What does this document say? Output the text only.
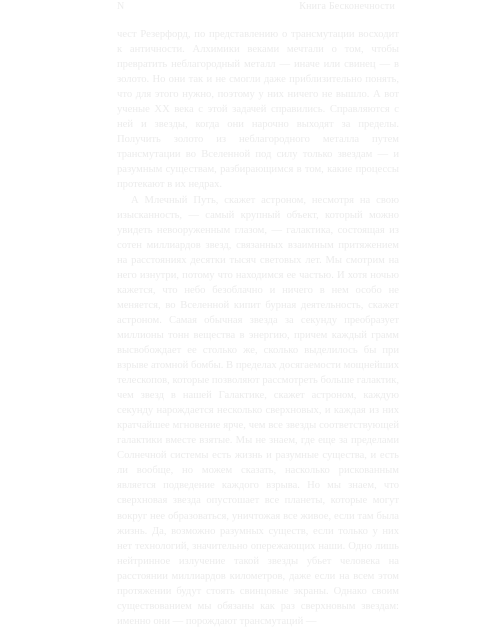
N	Книга Бесконечности

чест Резерфорд, по представлению о трансмутации восходит к античности. Алхимики веками мечтали о том, чтобы превратить неблагородный металл — иначе или свинец — в золото. Но они так и не смогли даже приблизительно понять, что для этого нужно, поэтому у них ничего не вышло. А вот ученые XX века с этой задачей справились. Справляются с ней и звезды, когда они нарочно выходят за пределы. Получить золото из неблагородного металла путем трансмутации во Вселенной под силу только звездам — и разумным существам, разбирающимся в том, какие процессы протекают в их недрах.

А Млечный Путь, скажет астроном, несмотря на свою изысканность, — самый крупный объект, который можно увидеть невооруженным глазом, — галактика, состоящая из сотен миллиардов звезд, связанных взаимным притяжением на расстояниях десятки тысяч световых лет. Мы смотрим на него изнутри, потому что находимся ее частью. И хотя ночью кажется, что небо безоблачно и ничего в нем особо не меняется, во Вселенной кипит бурная деятельность, скажет астроном. Самая обычная звезда за секунду преобразует миллионы тонн вещества в энергию, причем каждый грамм высвобождает ее столько же, сколько выделилось бы при взрыве атомной бомбы. В пределах досягаемости мощнейших телескопов, которые позволяют рассмотреть больше галактик, чем звезд в нашей Галактике, скажет астроном, каждую секунду нарождается несколько сверхновых, и каждая из них кратчайшее мгновение ярче, чем все звезды соответствующей галактики вместе взятые. Мы не знаем, где еще за пределами Солнечной системы есть жизнь и разумные существа, и есть ли вообще, но можем сказать, насколько рискованным является подведение каждого взрыва. Но мы знаем, что сверхновая звезда опустошает все планеты, которые могут вокруг нее образоваться, уничтожая все живое, если там была жизнь. Да, возможно разумных существ, если только у них нет технологий, значительно опережающих наши. Одно лишь нейтринное излучение такой звезды убьет человека на расстоянии миллиардов километров, даже если на всем этом протяжении будут стоять свинцовые экраны. Однако своим существованием мы обязаны как раз сверхновым звездам: именно они — порождают трансмутаций —
